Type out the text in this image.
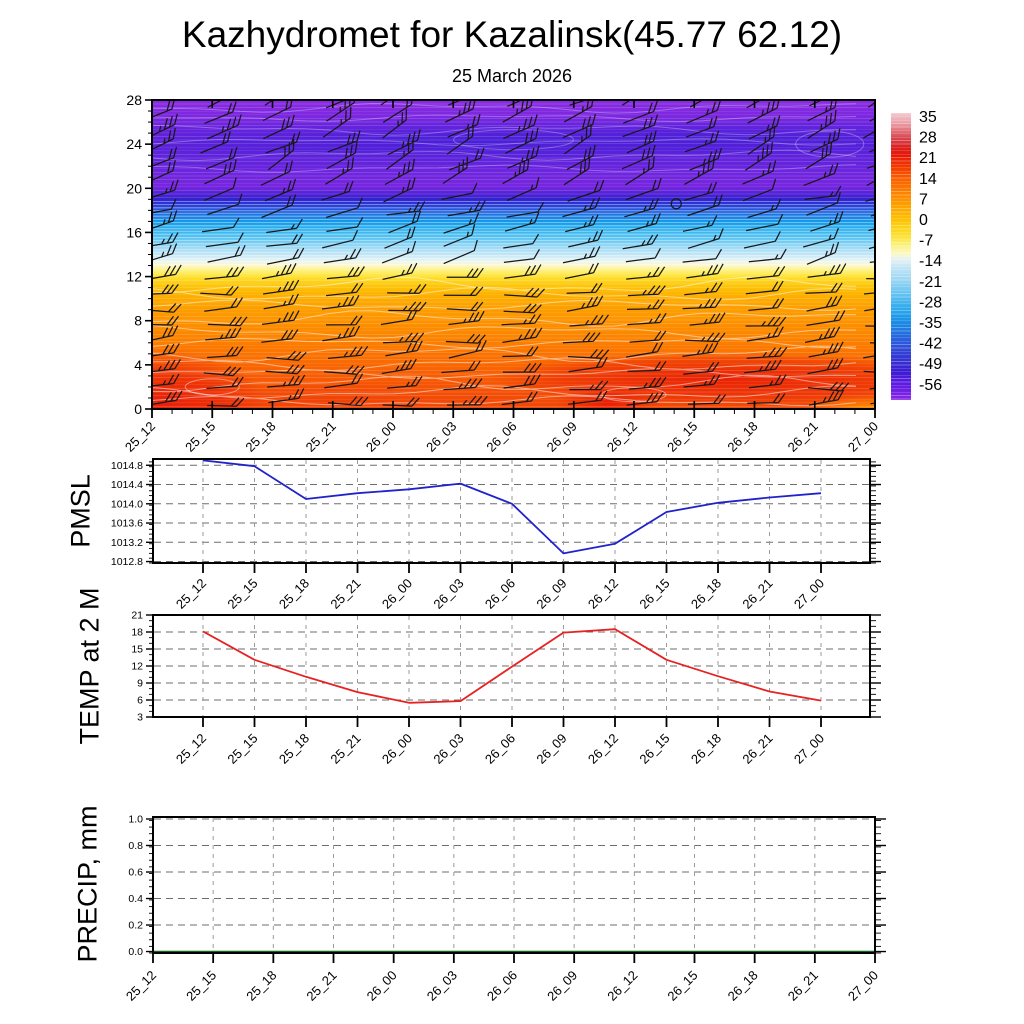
Kazhydromet for Kazalinsk(45.77 62.12)
25 March 2026
PMSL
TEMP at 2 M
PRECIP, mm
28
24
20
16
12
8
4
0
25_12 25_15 25_18 25_21 26_00 26_03 26_06 26_09 26_12 26_15 26_18 26_21 27_00
35
28
21
14
7
0
-7
-14
-21
-28
-35
-42
-49
-56
1014.8
1014.4
1014.0
1013.6
1013.2
1012.8
25_12 25_15 25_18 25_21 26_00 26_03 26_06 26_09 26_12 26_15 26_18 26_21 27_00
21
18
15
12
9
6
3
25_12 25_15 25_18 25_21 26_00 26_03 26_06 26_09 26_12 26_15 26_18 26_21 27_00
1.0
0.8
0.6
0.4
0.2
0.0
25_12 25_15 25_18 25_21 26_00 26_03 26_06 26_09 26_12 26_15 26_18 26_21 27_00
